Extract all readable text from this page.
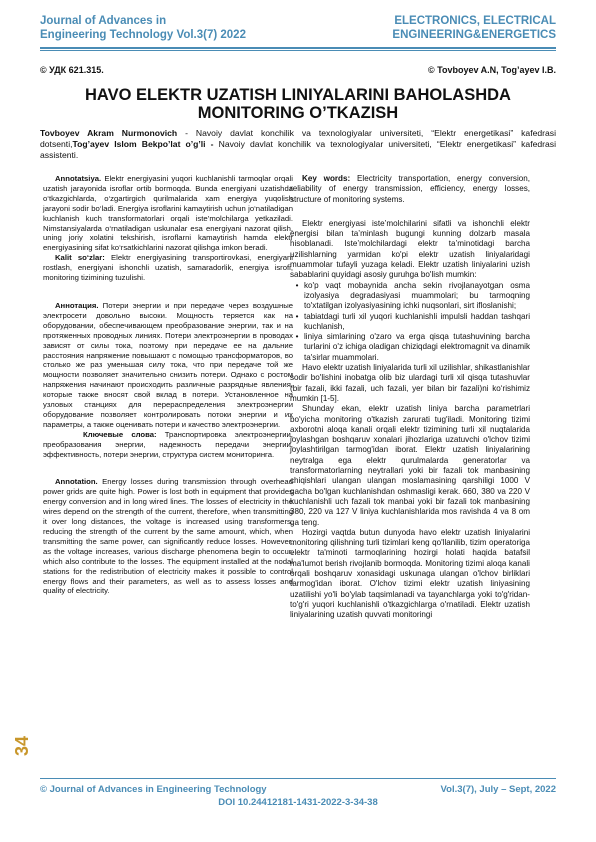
Journal of Advances in
Engineering Technology Vol.3(7) 2022
ELECTRONICS, ELECTRICAL
ENGINEERING&ENERGETICS
© УДК 621.315.	© Tovboyev A.N, Tog’ayev I.B.
HAVO ELEKTR UZATISH LINIYALARINI BAHOLASHDA MONITORING O’TKAZISH
Tovboyev Akram Nurmonovich - Navoiy davlat konchilik va texnologiyalar universiteti, “Elektr energetikasi” kafedrasi dotsenti,Tog’ayev Islom Bekpo’lat o’g’li - Navoiy davlat konchilik va texnologiyalar universiteti, “Elektr energetikasi” kafedrasi assistenti.

Annotatsiya. Elektr energiyasini yuqori kuchlanishli tarmoqlar orqali uzatish jarayonida isroflar ortib bormoqda. Bunda energiyani uzatishda o‘tkazgichlarda, o‘zgartirgich qurilmalarida xam energiya yuqolish jarayoni sodir bo‘ladi. Energiya isroflarini kamaytirish uchun jo‘natiladigan kuchlanish kuch transformatorlari orqali iste’molchilarga yetkaziladi. Nimstansiyalarda o‘rnatiladigan uskunalar esa energiyani nazorat qilish, uning joriy xolatini tekshirish, isroflarni kamaytirish hamda elektr energiyasining sifat ko‘rsatkichlarini nazorat qilishga imkon beradi.

Kalit so‘zlar: Elektr energiyasining transportirovkasi, energiyani rostlash, energiyani ishonchli uzatish, samaradorlik, energiya isrofi, monitoring tizimining tuzulishi.

Аннотация. Потери энергии и при передаче через воздушные электросети довольно высоки. Мощность теряется как на оборудовании, обеспечивающем преобразование энергии, так и на протяженных проводных линиях. Потери электроэнергии в проводах зависят от силы тока, поэтому при передаче ее на дальние расстояния напряжение повышают с помощью трансформаторов, во столько же раз уменьшая силу тока, что при передаче той же мощности позволяет значительно снизить потери. Однако с ростом напряжения начинают происходить различные разрядные явления, которые также вносят свой вклад в потери. Установленное на узловых станциях для перераспределения электроэнергии оборудование позволяет контролировать потоки энергии и их параметры, а также оценивать потери и качество электроэнергии.

Ключевые слова: Транспортировка электроэнергии, преобразования энергии, надежность передачи энергии, эффективность, потери энергии, структура систем мониторинга.

Annotation. Energy losses during transmission through overhead power grids are quite high. Power is lost both in equipment that provides energy conversion and in long wired lines. The losses of electricity in the wires depend on the strength of the current, therefore, when transmitting it over long distances, the voltage is increased using transformers, reducing the strength of the current by the same amount, which, when transmitting the same power, can significantly reduce losses. However, as the voltage increases, various discharge phenomena begin to occur, which also contribute to the losses. The equipment installed at the nodal stations for the redistribution of electricity makes it possible to control energy flows and their parameters, as well as to assess losses and quality of electricity.

Key words: Electricity transportation, energy conversion, reliability of energy transmission, efficiency, energy losses, structure of monitoring systems.

Elektr energiyasi iste’molchilarini sifatli va ishonchli elektr energisi bilan ta’minlash bugungi kunning dolzarb masala hisoblanadi. Iste’molchilardagi elektr ta’minotidagi barcha uzilishlarning yarmidan ko'pi elektr uzatish liniyalaridagi muammolar tufayli yuzaga keladi. Elektr uzatish liniyalarini uzish sabablarini quyidagi asosiy guruhga bo'lish mumkin:

• ko'p vaqt mobaynida ancha sekin rivojlanayotgan osma izolyasiya degradasiyasi muammolari; bu tarmoqning to'xtatilgan izolyasiyasining ichki nuqsonlari, sirt ifloslanishi;
• tabiatdagi turli xil yuqori kuchlanishli impulsli haddan tashqari kuchlanish,
• liniya simlarining o'zaro va erga qisqa tutashuvining barcha turlarini o'z ichiga oladigan chiziqdagi elektromagnit va dinamik ta'sirlar muammolari.

Havo elektr uzatish liniyalarida turli xil uzilishlar, shikastlanishlar sodir bo'lishini inobatga olib biz ulardagi turli xil qisqa tutashuvlar (bir fazali, ikki fazali, uch fazali, yer bilan bir fazali)ni ko‘rishimiz mumkin [1-5].

Shunday ekan, elektr uzatish liniya barcha parametrlari bo'yicha monitoring o'tkazish zarurati tug'iladi. Monitoring tizimi axborotni aloqa kanali orqali elektr tizimining turli xil nuqtalarida joylashgan boshqaruv xonalari jihozlariga uzatuvchi o'lchov tizimi joylashtirilgan tarmog'idan iborat. Elektr uzatish liniyalarining neytralga ega elektr qurulmalarda generatorlar va transformatorlarning neytrallari yoki bir fazali tok manbasining chiqishlari ulangan ulangan moslamasining qarshiligi 1000 V gacha bo'lgan kuchlanishdan oshmasligi kerak. 660, 380 va 220 V kuchlanishli uch fazali tok manbai yoki bir fazali tok manbasining 380, 220 va 127 V liniya kuchlanishlarida mos ravishda 4 va 8 om ga teng.

Hozirgi vaqtda butun dunyoda havo elektr uzatish liniyalarini monitoring qilishning turli tizimlari keng qo'llanilib, tizim operatoriga elektr ta'minoti tarmoqlarining hozirgi holati haqida batafsil ma'lumot berish rivojlanib bormoqda. Monitoring tizimi aloqa kanali orqali boshqaruv xonasidagi uskunaga ulangan o'lchov birliklari tarmog'idan iborat. O'lchov tizimi elektr uzatish liniyasining uzatilishi yo'li bo'ylab taqsimlanadi va tayanchlarga yoki to'g'ridan-to'g'ri yuqori kuchlanishli o'tkazgichlarga o'rnatiladi. Elektr uzatish liniyalarining uzatish quvvati monitoringi

34
© Journal of Advances in Engineering Technology	Vol.3(7), July – Sept, 2022
DOI 10.24412181-1431-2022-3-34-38
